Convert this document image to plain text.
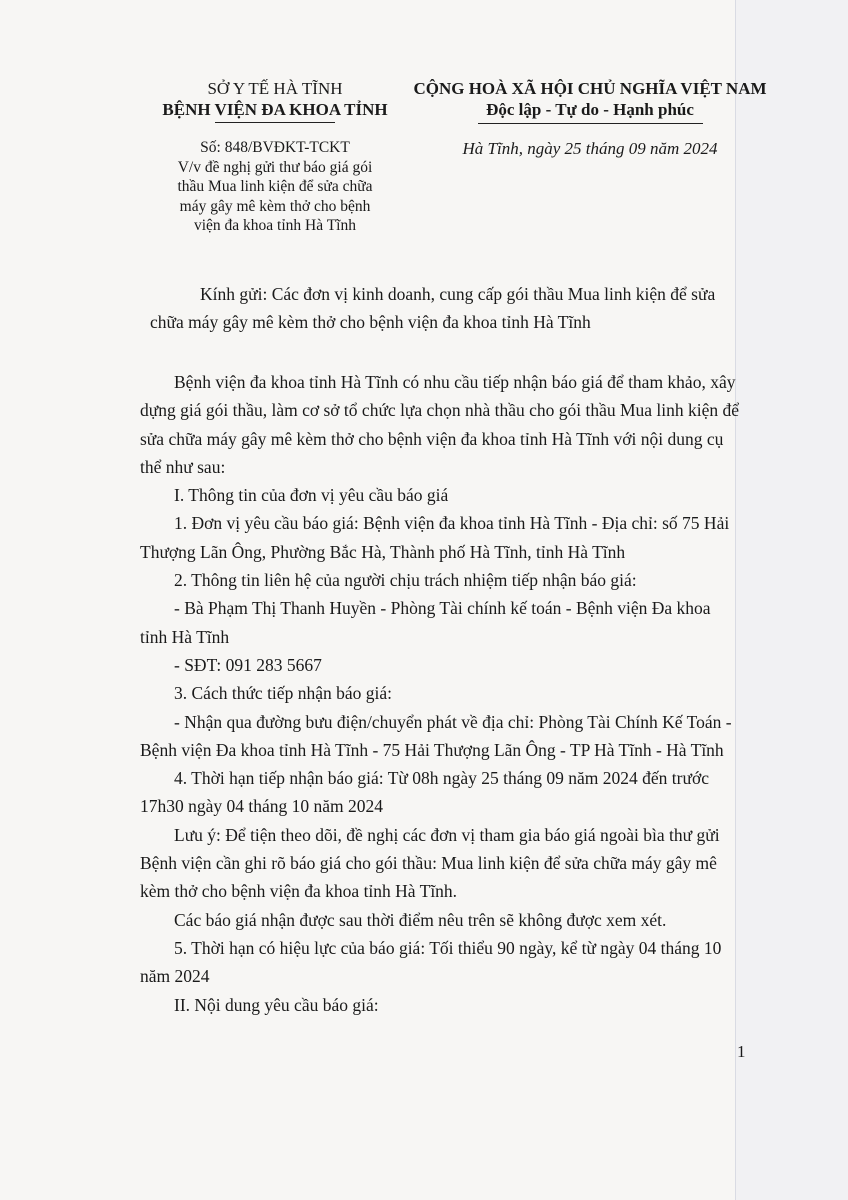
SỞ Y TẾ HÀ TĨNH
BỆNH VIỆN ĐA KHOA TỈNH
CỘNG HOÀ XÃ HỘI CHỦ NGHĨA VIỆT NAM
Độc lập - Tự do - Hạnh phúc
Số: 848/BVĐKT-TCKT
V/v đề nghị gửi thư báo giá gói
thầu Mua linh kiện để sửa chữa
máy gây mê kèm thở cho bệnh
viện đa khoa tỉnh Hà Tĩnh
Hà Tĩnh, ngày 25 tháng 09 năm 2024

Kính gửi: Các đơn vị kinh doanh, cung cấp gói thầu Mua linh kiện để sửa chữa máy gây mê kèm thở cho bệnh viện đa khoa tỉnh Hà Tĩnh

Bệnh viện đa khoa tỉnh Hà Tĩnh có nhu cầu tiếp nhận báo giá để tham khảo, xây dựng giá gói thầu, làm cơ sở tổ chức lựa chọn nhà thầu cho gói thầu Mua linh kiện để sửa chữa máy gây mê kèm thở cho bệnh viện đa khoa tỉnh Hà Tĩnh với nội dung cụ thể như sau:

I. Thông tin của đơn vị yêu cầu báo giá

1. Đơn vị yêu cầu báo giá: Bệnh viện đa khoa tỉnh Hà Tĩnh - Địa chỉ: số 75 Hải Thượng Lãn Ông, Phường Bắc Hà, Thành phố Hà Tĩnh, tỉnh Hà Tĩnh

2. Thông tin liên hệ của người chịu trách nhiệm tiếp nhận báo giá:

- Bà Phạm Thị Thanh Huyền - Phòng Tài chính kế toán - Bệnh viện Đa khoa tỉnh Hà Tĩnh

- SĐT: 091 283 5667

3. Cách thức tiếp nhận báo giá:

- Nhận qua đường bưu điện/chuyển phát về địa chỉ: Phòng Tài Chính Kế Toán - Bệnh viện Đa khoa tỉnh Hà Tĩnh - 75 Hải Thượng Lãn Ông - TP Hà Tĩnh - Hà Tĩnh

4. Thời hạn tiếp nhận báo giá: Từ 08h ngày 25 tháng 09 năm 2024 đến trước 17h30 ngày 04 tháng 10 năm 2024

Lưu ý: Để tiện theo dõi, đề nghị các đơn vị tham gia báo giá ngoài bìa thư gửi Bệnh viện cần ghi rõ báo giá cho gói thầu: Mua linh kiện để sửa chữa máy gây mê kèm thở cho bệnh viện đa khoa tỉnh Hà Tĩnh.

Các báo giá nhận được sau thời điểm nêu trên sẽ không được xem xét.

5. Thời hạn có hiệu lực của báo giá: Tối thiểu 90 ngày, kể từ ngày 04 tháng 10 năm 2024

II. Nội dung yêu cầu báo giá:

1
